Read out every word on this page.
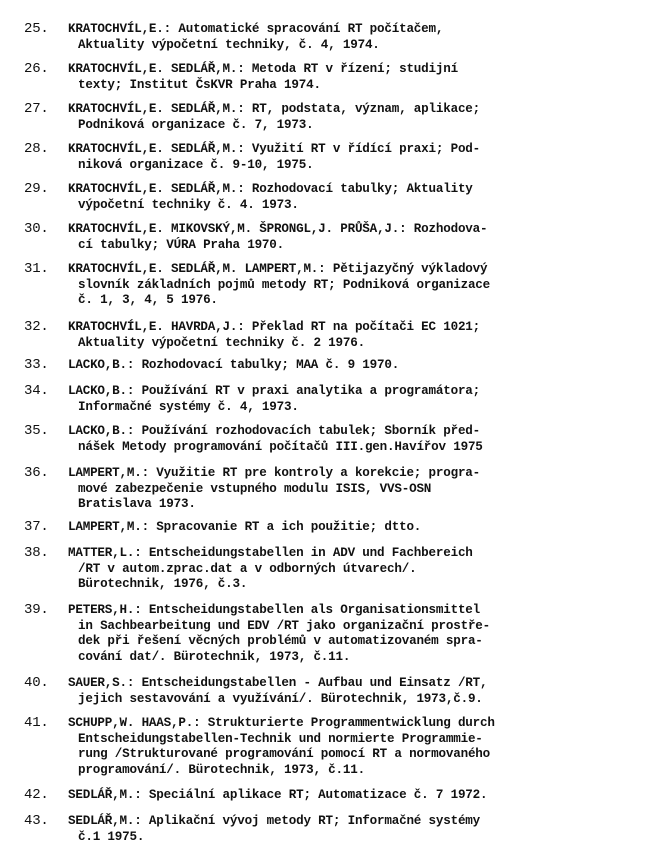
25.	KRATOCHVÍL,E.: Automatické spracování RT počítačem,
Aktuality výpočetní techniky, č. 4, 1974.
26.	KRATOCHVÍL,E. SEDLÁŘ,M.: Metoda RT v řízení; studijní
texty; Institut ČsKVR Praha 1974.
27.	KRATOCHVÍL,E. SEDLÁŘ,M.: RT, podstata, význam, aplikace;
Podniková organizace č. 7, 1973.
28.	KRATOCHVÍL,E. SEDLÁŘ,M.: Využití RT v řídící praxi; Pod-
niková organizace č. 9-10, 1975.
29.	KRATOCHVÍL,E. SEDLÁŘ,M.: Rozhodovací tabulky; Aktuality
výpočetní techniky č. 4. 1973.
30.	KRATOCHVÍL,E. MIKOVSKÝ,M. ŠPRONGL,J. PRŮŠA,J.: Rozhodova-
cí tabulky; VÚRA Praha 1970.
31.	KRATOCHVÍL,E. SEDLÁŘ,M. LAMPERT,M.: Pětijazyčný výkladový
slovník základních pojmů metody RT; Podniková organizace
č. 1, 3, 4, 5 1976.
32.	KRATOCHVÍL,E. HAVRDA,J.: Překlad RT na počítači EC 1021;
Aktuality výpočetní techniky č. 2 1976.
33.	LACKO,B.: Rozhodovací tabulky; MAA č. 9 1970.
34.	LACKO,B.: Používání RT v praxi analytika a programátora;
Informačné systémy č. 4, 1973.
35.	LACKO,B.: Používání rozhodovacích tabulek; Sborník před-
nášek Metody programování počítačů III.gen.Havířov 1975
36.	LAMPERT,M.: Využitie RT pre kontroly a korekcie; progra-
mové zabezpečenie vstupného modulu ISIS, VVS-OSN
Bratislava 1973.
37.	LAMPERT,M.: Spracovanie RT a ich použitie; dtto.
38.	MATTER,L.: Entscheidungstabellen in ADV und Fachbereich
/RT v autom.zprac.dat a v odborných útvarech/.
Bürotechnik, 1976, č.3.
39.	PETERS,H.: Entscheidungstabellen als Organisationsmittel
in Sachbearbeitung und EDV /RT jako organizační prostře-
dek při řešení věcných problémů v automatizovaném spra-
cování dat/. Bürotechnik, 1973, č.11.
40.	SAUER,S.: Entscheidungstabellen - Aufbau und Einsatz /RT,
jejich sestavování a využívání/. Bürotechnik, 1973,č.9.
41.	SCHUPP,W. HAAS,P.: Strukturierte Programmentwicklung durch
Entscheidungstabellen-Technik und normierte Programmie-
rung /Strukturované programování pomocí RT a normovaného
programování/. Bürotechnik, 1973, č.11.
42.	SEDLÁŘ,M.: Speciální aplikace RT; Automatizace č. 7 1972.
43.	SEDLÁŘ,M.: Aplikační vývoj metody RT; Informačné systémy
č.1 1975.
